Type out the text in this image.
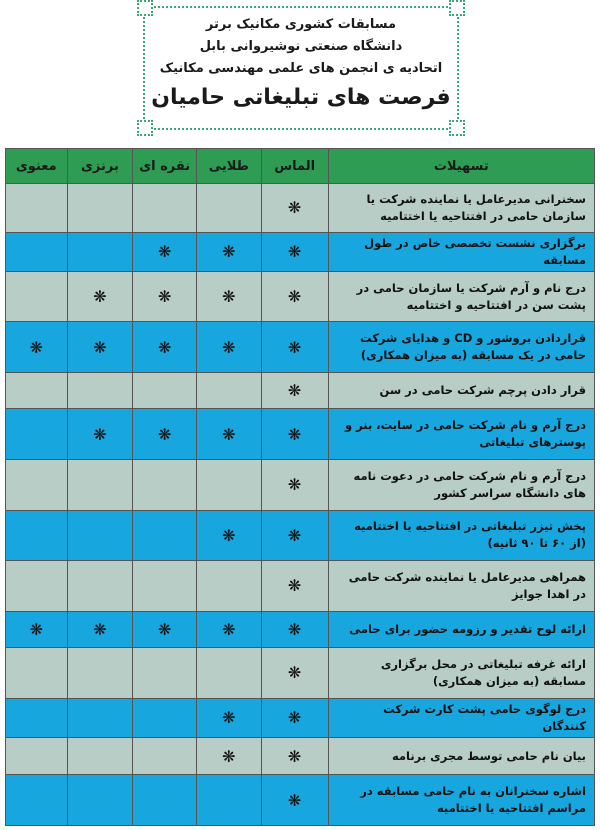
مسابقات کشوری مکانیک برتر
دانشگاه صنعتی نوشیروانی بابل
اتحادیه ی انجمن های علمی مهندسی مکانیک
فرصت های تبلیغاتی حامیان
تسهیلات	الماس	طلایی	نقره ای	برنزی	معنوی
سخنرانی مدیرعامل یا نماینده شرکت یا سازمان حامی در افتتاحیه یا اختتامیه	❋				
برگزاری نشست تخصصی خاص در طول مسابقه	❋	❋	❋		
درج نام و آرم شرکت یا سازمان حامی در پشت سن در افتتاحیه و اختتامیه	❋	❋	❋	❋	
قراردادن بروشور و CD و هدایای شرکت حامی در یک مسابقه (به میزان همکاری)	❋	❋	❋	❋	❋
قرار دادن پرچم شرکت حامی در سن	❋				
درج آرم و نام شرکت حامی در سایت، بنر و پوسترهای تبلیغاتی	❋	❋	❋	❋	
درج آرم و نام شرکت حامی در دعوت نامه های دانشگاه سراسر کشور	❋				
پخش تیزر تبلیغاتی در افتتاحیه یا اختتامیه (از ۶۰ تا ۹۰ ثانیه)	❋	❋			
همراهی مدیرعامل یا نماینده شرکت حامی در اهدا جوایز	❋				
ارائه لوح تقدیر و رزومه حضور برای حامی	❋	❋	❋	❋	❋
ارائه غرفه تبلیغاتی در محل برگزاری مسابقه (به میزان همکاری)	❋				
درج لوگوی حامی پشت کارت شرکت کنندگان	❋	❋			
بیان نام حامی توسط مجری برنامه	❋	❋			
اشاره سخنرانان به نام حامی مسابقه در مراسم افتتاحیه یا اختتامیه	❋				
